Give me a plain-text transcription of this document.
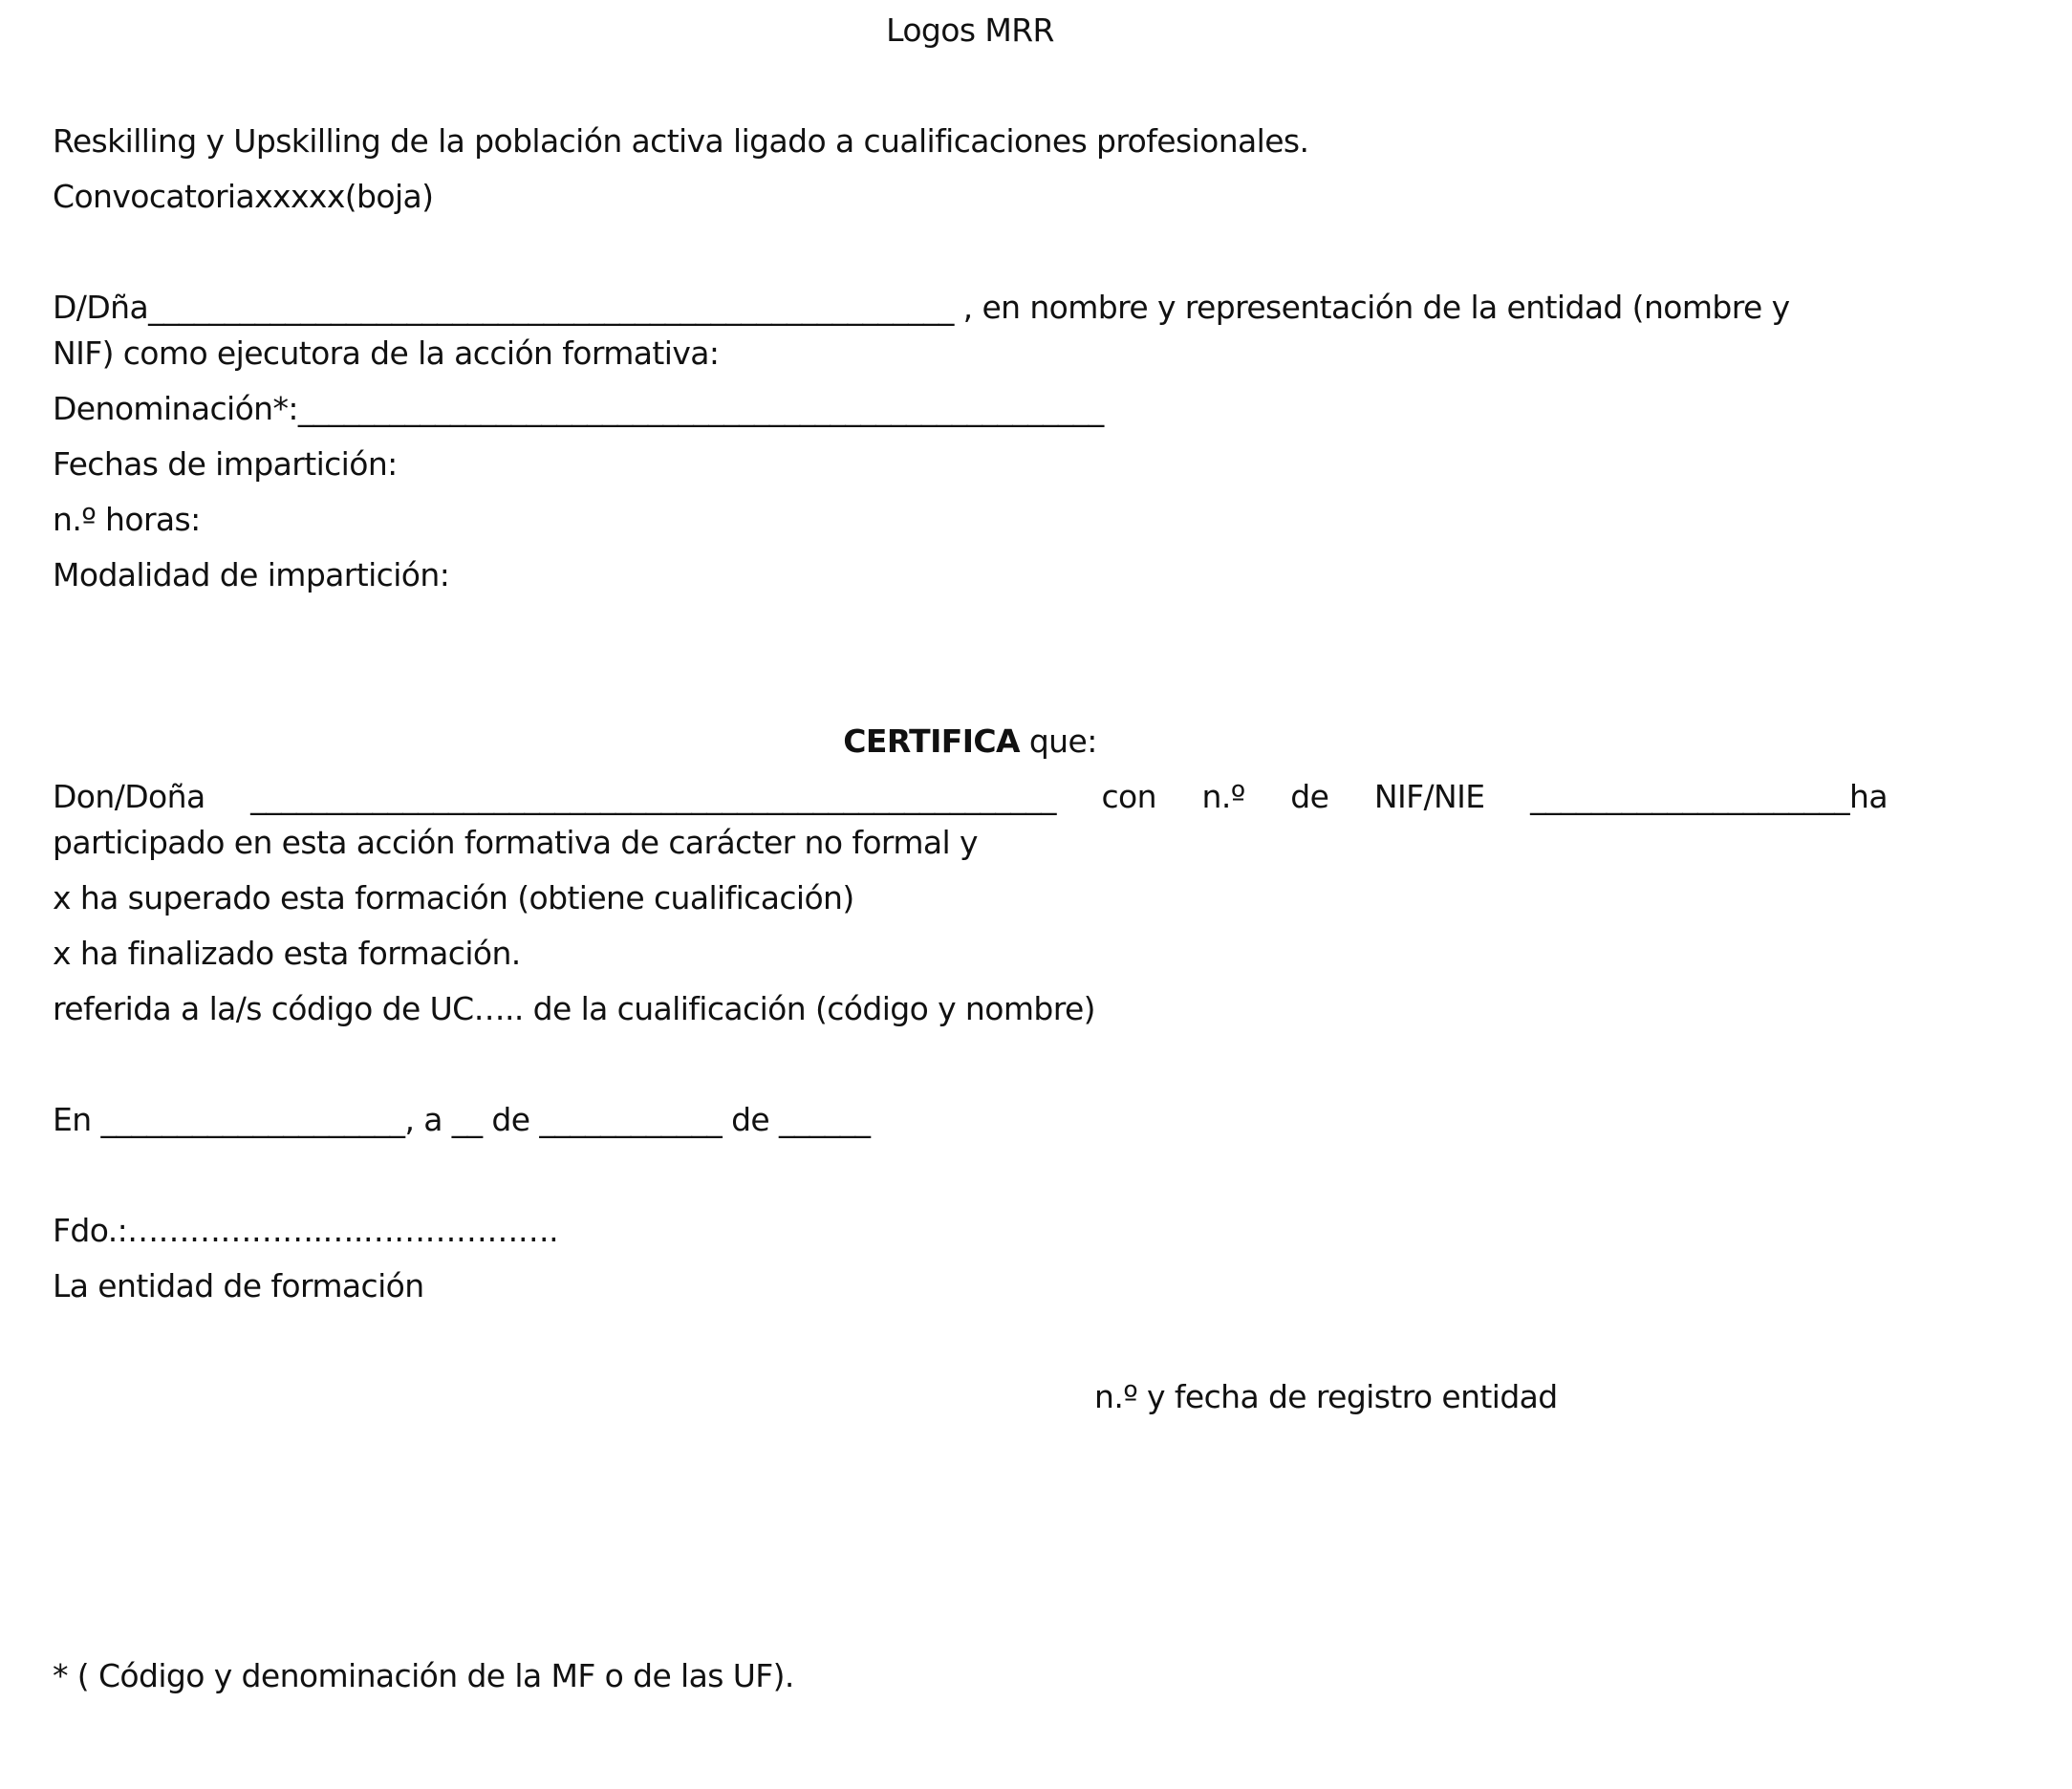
Logos MRR
Reskilling y Upskilling de la población activa ligado a cualificaciones profesionales.
Convocatoriaxxxxx(boja)
D/Dña_____________________________________________________ , en nombre y representación de la entidad (nombre y
NIF) como ejecutora de la acción formativa:
Denominación*:_____________________________________________________
Fechas de impartición:
n.º horas:
Modalidad de impartición:
CERTIFICA que:
Don/Doña _____________________________________________________ con n.º de NIF/NIE _____________________ha
participado en esta acción formativa de carácter no formal y
x ha superado esta formación (obtiene cualificación)
x ha finalizado esta formación.
referida a la/s código de UC….. de la cualificación (código y nombre)
En ____________________, a __ de ____________ de ______
Fdo.:……………….….……………….
La entidad de formación
n.º y fecha de registro entidad
* ( Código y denominación de la MF o de las UF).
